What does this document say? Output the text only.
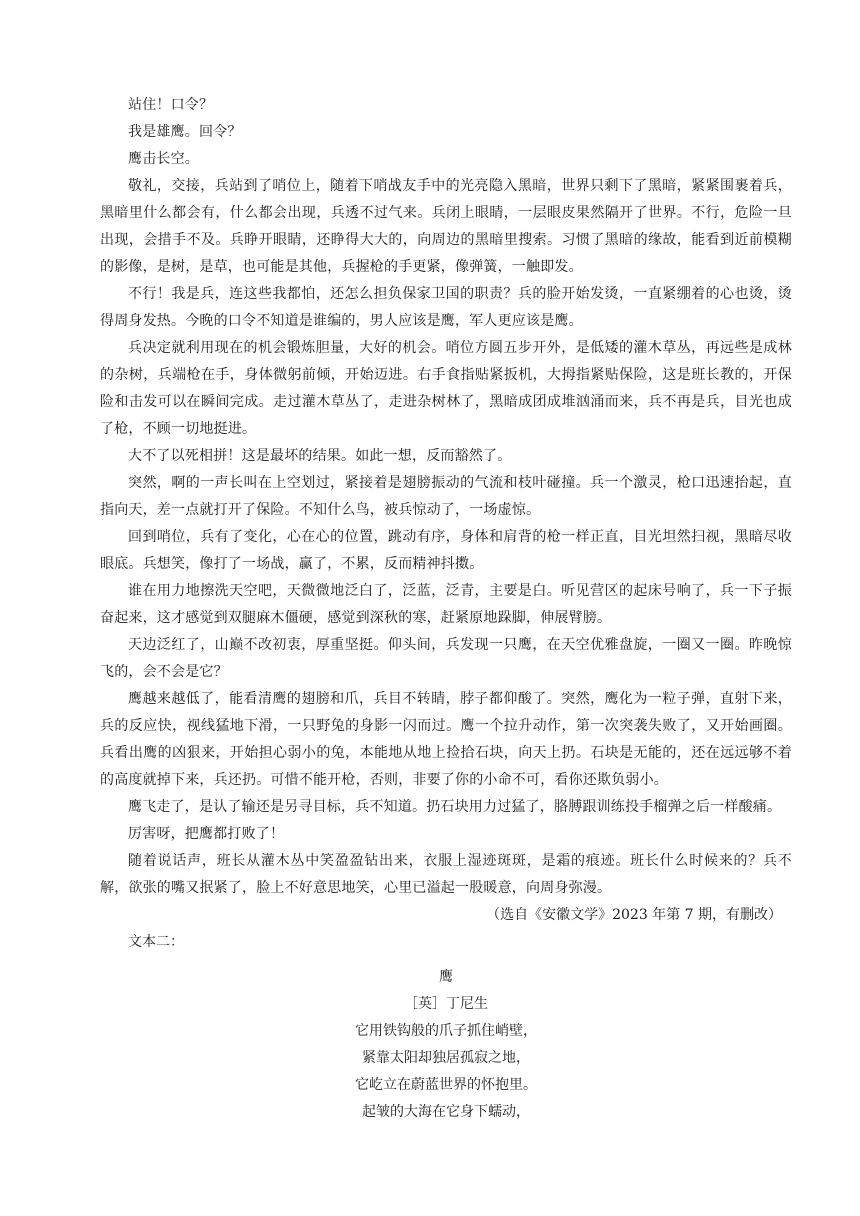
站住！口令？

我是雄鹰。回令？

鹰击长空。

敬礼，交接，兵站到了哨位上，随着下哨战友手中的光亮隐入黑暗，世界只剩下了黑暗，紧紧围裹着兵，黑暗里什么都会有，什么都会出现，兵透不过气来。兵闭上眼睛，一层眼皮果然隔开了世界。不行，危险一旦出现，会措手不及。兵睁开眼睛，还睁得大大的，向周边的黑暗里搜索。习惯了黑暗的缘故，能看到近前模糊的影像，是树，是草，也可能是其他，兵握枪的手更紧，像弹簧，一触即发。

不行！我是兵，连这些我都怕，还怎么担负保家卫国的职责？兵的脸开始发烫，一直紧绷着的心也烫，烫得周身发热。今晚的口令不知道是谁编的，男人应该是鹰，军人更应该是鹰。

兵决定就利用现在的机会锻炼胆量，大好的机会。哨位方圆五步开外，是低矮的灌木草丛，再远些是成林的杂树，兵端枪在手，身体微躬前倾，开始迈进。右手食指贴紧扳机，大拇指紧贴保险，这是班长教的，开保险和击发可以在瞬间完成。走过灌木草丛了，走进杂树林了，黑暗成团成堆汹涌而来，兵不再是兵，目光也成了枪，不顾一切地挺进。

大不了以死相拼！这是最坏的结果。如此一想，反而豁然了。

突然，啊的一声长叫在上空划过，紧接着是翅膀振动的气流和枝叶碰撞。兵一个激灵，枪口迅速抬起，直指向天，差一点就打开了保险。不知什么鸟，被兵惊动了，一场虚惊。

回到哨位，兵有了变化，心在心的位置，跳动有序，身体和肩背的枪一样正直，目光坦然扫视，黑暗尽收眼底。兵想笑，像打了一场战，赢了，不累，反而精神抖擞。

谁在用力地擦洗天空吧，天微微地泛白了，泛蓝，泛青，主要是白。听见营区的起床号响了，兵一下子振奋起来，这才感觉到双腿麻木僵硬，感觉到深秋的寒，赶紧原地跺脚，伸展臂膀。

天边泛红了，山巅不改初衷，厚重坚挺。仰头间，兵发现一只鹰，在天空优雅盘旋，一圈又一圈。昨晚惊飞的，会不会是它？

鹰越来越低了，能看清鹰的翅膀和爪，兵目不转睛，脖子都仰酸了。突然，鹰化为一粒子弹，直射下来，兵的反应快，视线猛地下滑，一只野兔的身影一闪而过。鹰一个拉升动作，第一次突袭失败了，又开始画圈。兵看出鹰的凶狠来，开始担心弱小的兔，本能地从地上捡拾石块，向天上扔。石块是无能的，还在远远够不着的高度就掉下来，兵还扔。可惜不能开枪，否则，非要了你的小命不可，看你还欺负弱小。

鹰飞走了，是认了输还是另寻目标，兵不知道。扔石块用力过猛了，胳膊跟训练投手榴弹之后一样酸痛。

厉害呀，把鹰都打败了！

随着说话声，班长从灌木丛中笑盈盈钻出来，衣服上湿迹斑斑，是霜的痕迹。班长什么时候来的？兵不解，欲张的嘴又抿紧了，脸上不好意思地笑，心里已溢起一股暖意，向周身弥漫。

（选自《安徽文学》2023 年第 7 期，有删改）

文本二：

鹰
［英］丁尼生
它用铁钩般的爪子抓住峭壁，
紧靠太阳却独居孤寂之地，
它屹立在蔚蓝世界的怀抱里。
起皱的大海在它身下蠕动，
